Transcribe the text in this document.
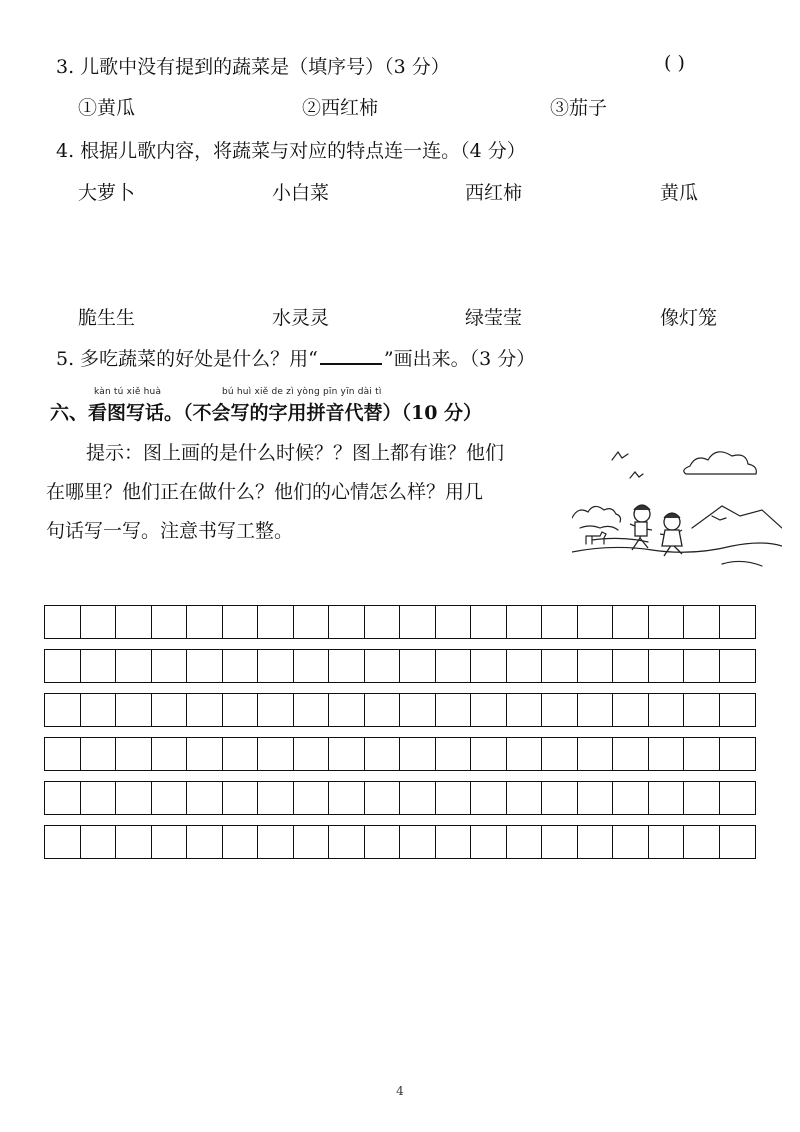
3. 儿歌中没有提到的蔬菜是（填序号）（3 分）	( )
①黄瓜	②西红柿	③茄子
4. 根据儿歌内容，将蔬菜与对应的特点连一连。（4 分）
大萝卜	小白菜	西红柿	黄瓜
脆生生	水灵灵	绿莹莹	像灯笼
5. 多吃蔬菜的好处是什么？用“	”画出来。（3 分）
kàn tú xiě huà	bú huì xiě de zì yòng pīn yīn dài tì
六、看图写话。（不会写的字用拼音代替）（10 分）
提示：图上画的是什么时候？？图上都有谁？他们
在哪里？他们正在做什么？他们的心情怎么样？用几
句话写一写。注意书写工整。
4
